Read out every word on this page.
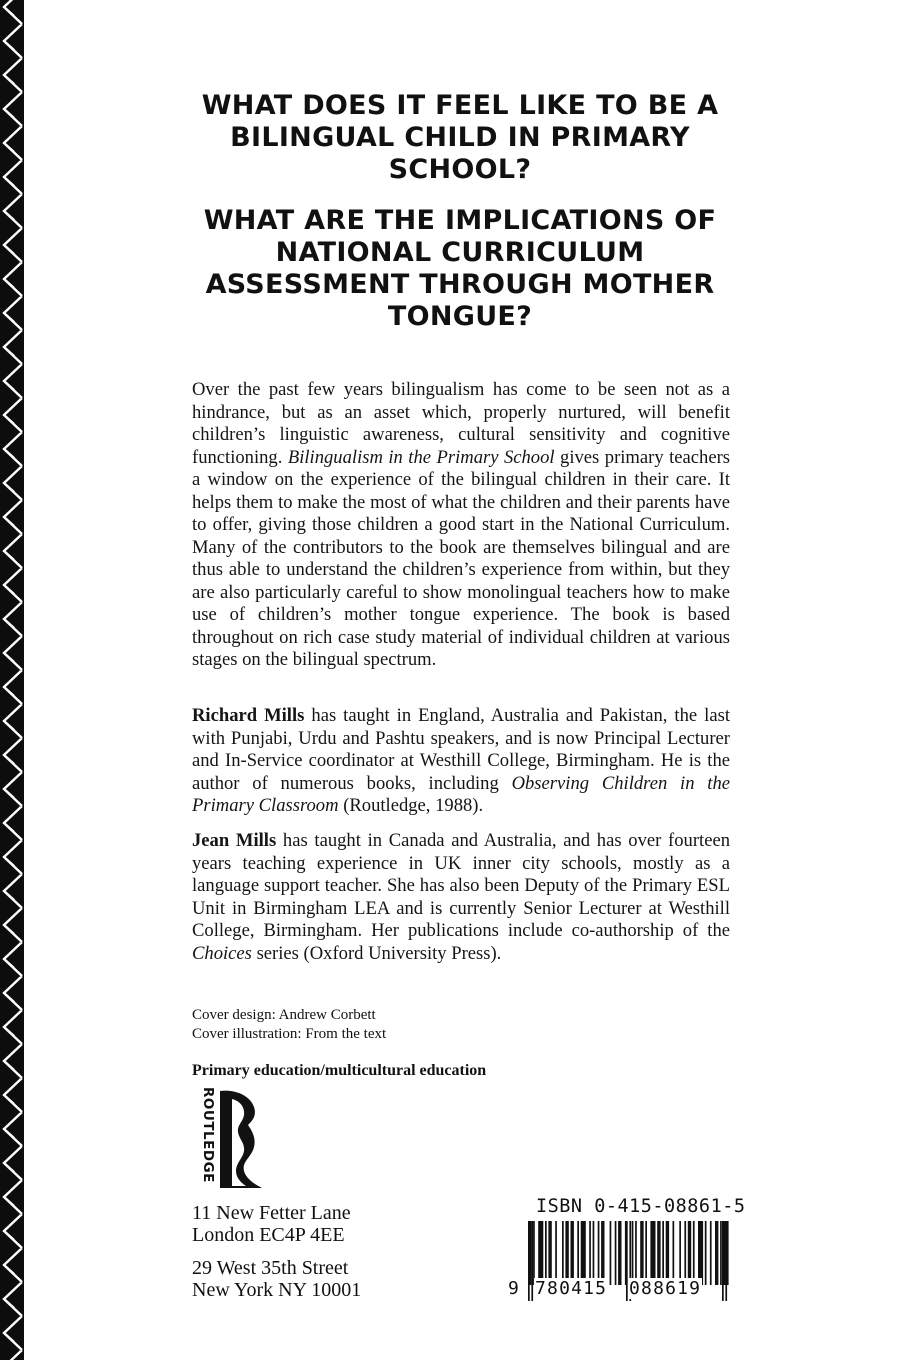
WHAT DOES IT FEEL LIKE TO BE A BILINGUAL CHILD IN PRIMARY SCHOOL?
WHAT ARE THE IMPLICATIONS OF NATIONAL CURRICULUM ASSESSMENT THROUGH MOTHER TONGUE?

Over the past few years bilingualism has come to be seen not as a hindrance, but as an asset which, properly nurtured, will benefit children’s linguistic awareness, cultural sensitivity and cognitive functioning. Bilingualism in the Primary School gives primary teachers a window on the experience of the bilingual children in their care. It helps them to make the most of what the children and their parents have to offer, giving those children a good start in the National Curriculum. Many of the contributors to the book are themselves bilingual and are thus able to understand the children’s experience from within, but they are also particularly careful to show monolingual teachers how to make use of children’s mother tongue experience. The book is based throughout on rich case study material of individual children at various stages on the bilingual spectrum.

Richard Mills has taught in England, Australia and Pakistan, the last with Punjabi, Urdu and Pashtu speakers, and is now Principal Lecturer and In-Service coordinator at Westhill College, Birmingham. He is the author of numerous books, including Observing Children in the Primary Classroom (Routledge, 1988).

Jean Mills has taught in Canada and Australia, and has over fourteen years teaching experience in UK inner city schools, mostly as a language support teacher. She has also been Deputy of the Primary ESL Unit in Birmingham LEA and is currently Senior Lecturer at Westhill College, Birmingham. Her publications include co-authorship of the Choices series (Oxford University Press).

Cover design: Andrew Corbett
Cover illustration: From the text
Primary education/multicultural education
ROUTLEDGE
11 New Fetter Lane
London EC4P 4EE
29 West 35th Street
New York NY 10001
ISBN 0-415-08861-5
9 780415 088619
